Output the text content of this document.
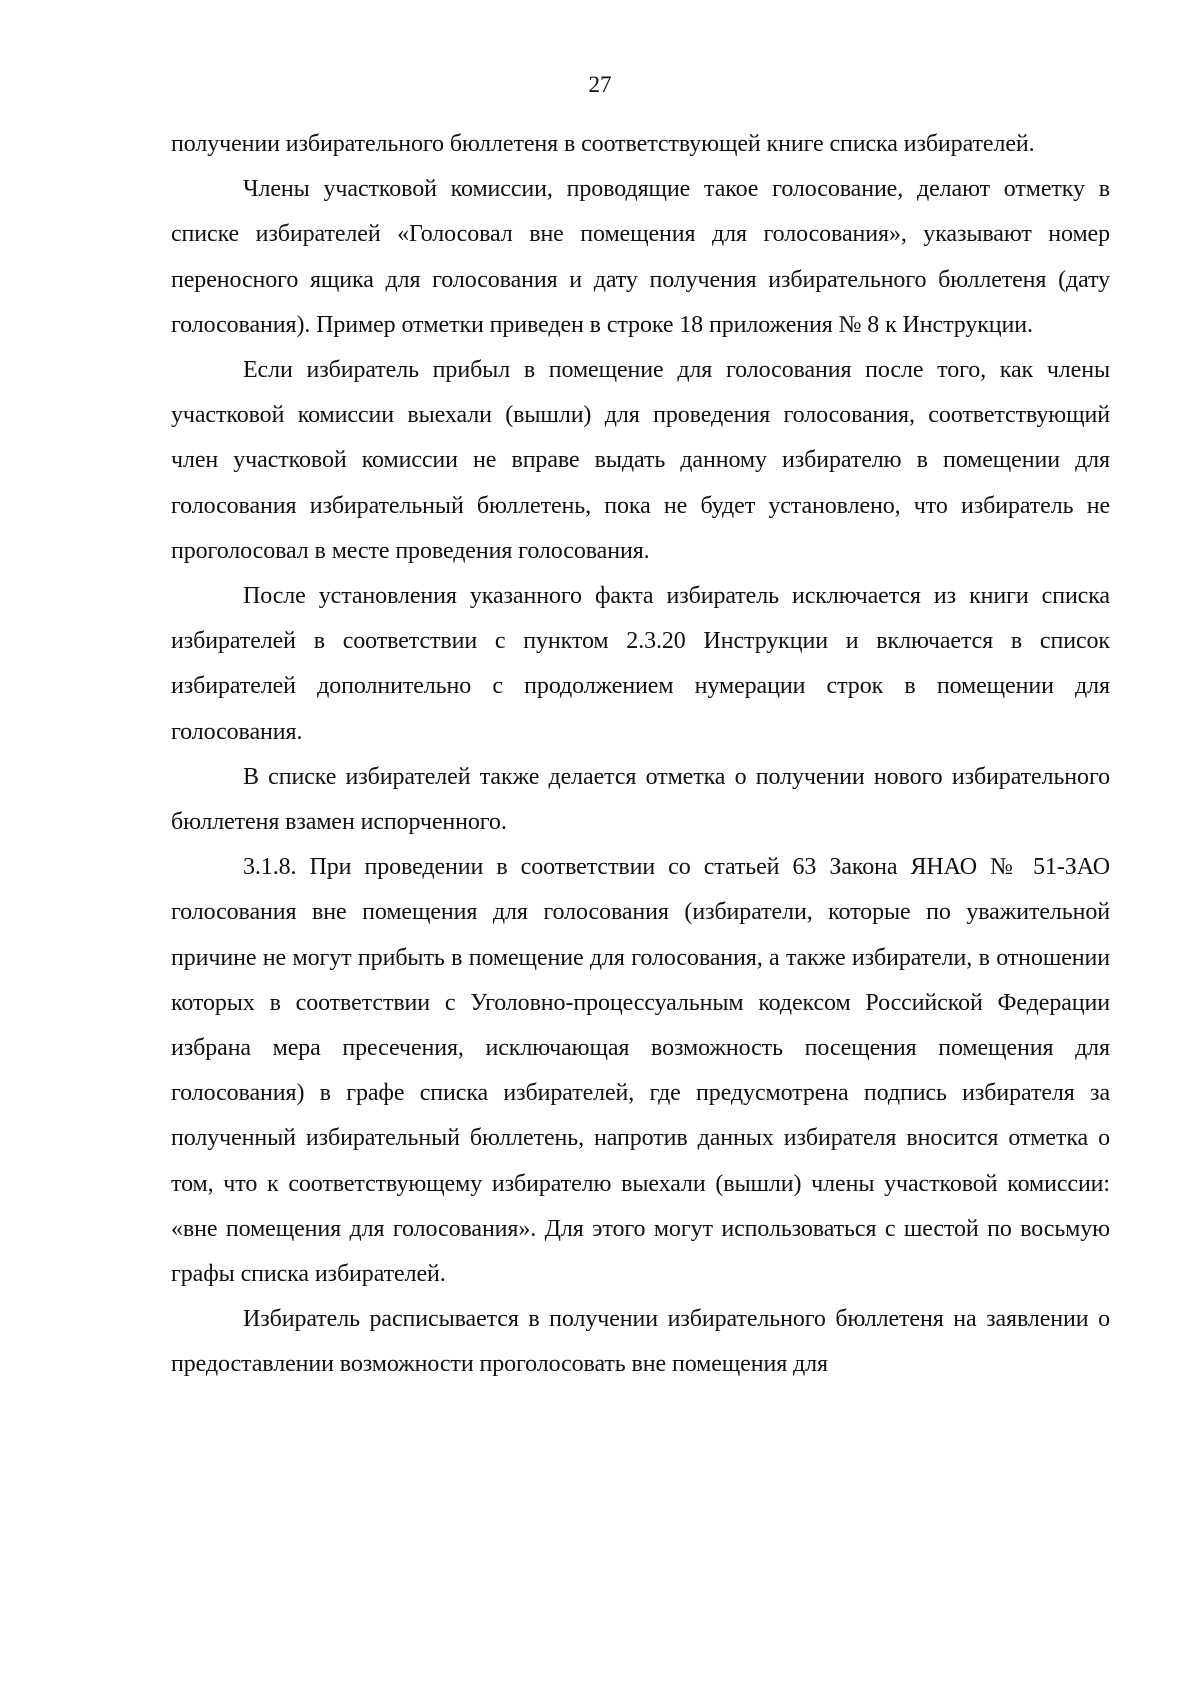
27

получении избирательного бюллетеня в соответствующей книге списка избирателей.

Члены участковой комиссии, проводящие такое голосование, делают отметку в списке избирателей «Голосовал вне помещения для голосования», указывают номер переносного ящика для голосования и дату получения избирательного бюллетеня (дату голосования). Пример отметки приведен в строке 18 приложения № 8 к Инструкции.

Если избиратель прибыл в помещение для голосования после того, как члены участковой комиссии выехали (вышли) для проведения голосования, соответствующий член участковой комиссии не вправе выдать данному избирателю в помещении для голосования избирательный бюллетень, пока не будет установлено, что избиратель не проголосовал в месте проведения голосования.

После установления указанного факта избиратель исключается из книги списка избирателей в соответствии с пунктом 2.3.20 Инструкции и включается в список избирателей дополнительно с продолжением нумерации строк в помещении для голосования.

В списке избирателей также делается отметка о получении нового избирательного бюллетеня взамен испорченного.

3.1.8. При проведении в соответствии со статьей 63 Закона ЯНАО № 51-ЗАО голосования вне помещения для голосования (избиратели, которые по уважительной причине не могут прибыть в помещение для голосования, а также избиратели, в отношении которых в соответствии с Уголовно-процессуальным кодексом Российской Федерации избрана мера пресечения, исключающая возможность посещения помещения для голосования) в графе списка избирателей, где предусмотрена подпись избирателя за полученный избирательный бюллетень, напротив данных избирателя вносится отметка о том, что к соответствующему избирателю выехали (вышли) члены участковой комиссии: «вне помещения для голосования». Для этого могут использоваться с шестой по восьмую графы списка избирателей.

Избиратель расписывается в получении избирательного бюллетеня на заявлении о предоставлении возможности проголосовать вне помещения для
